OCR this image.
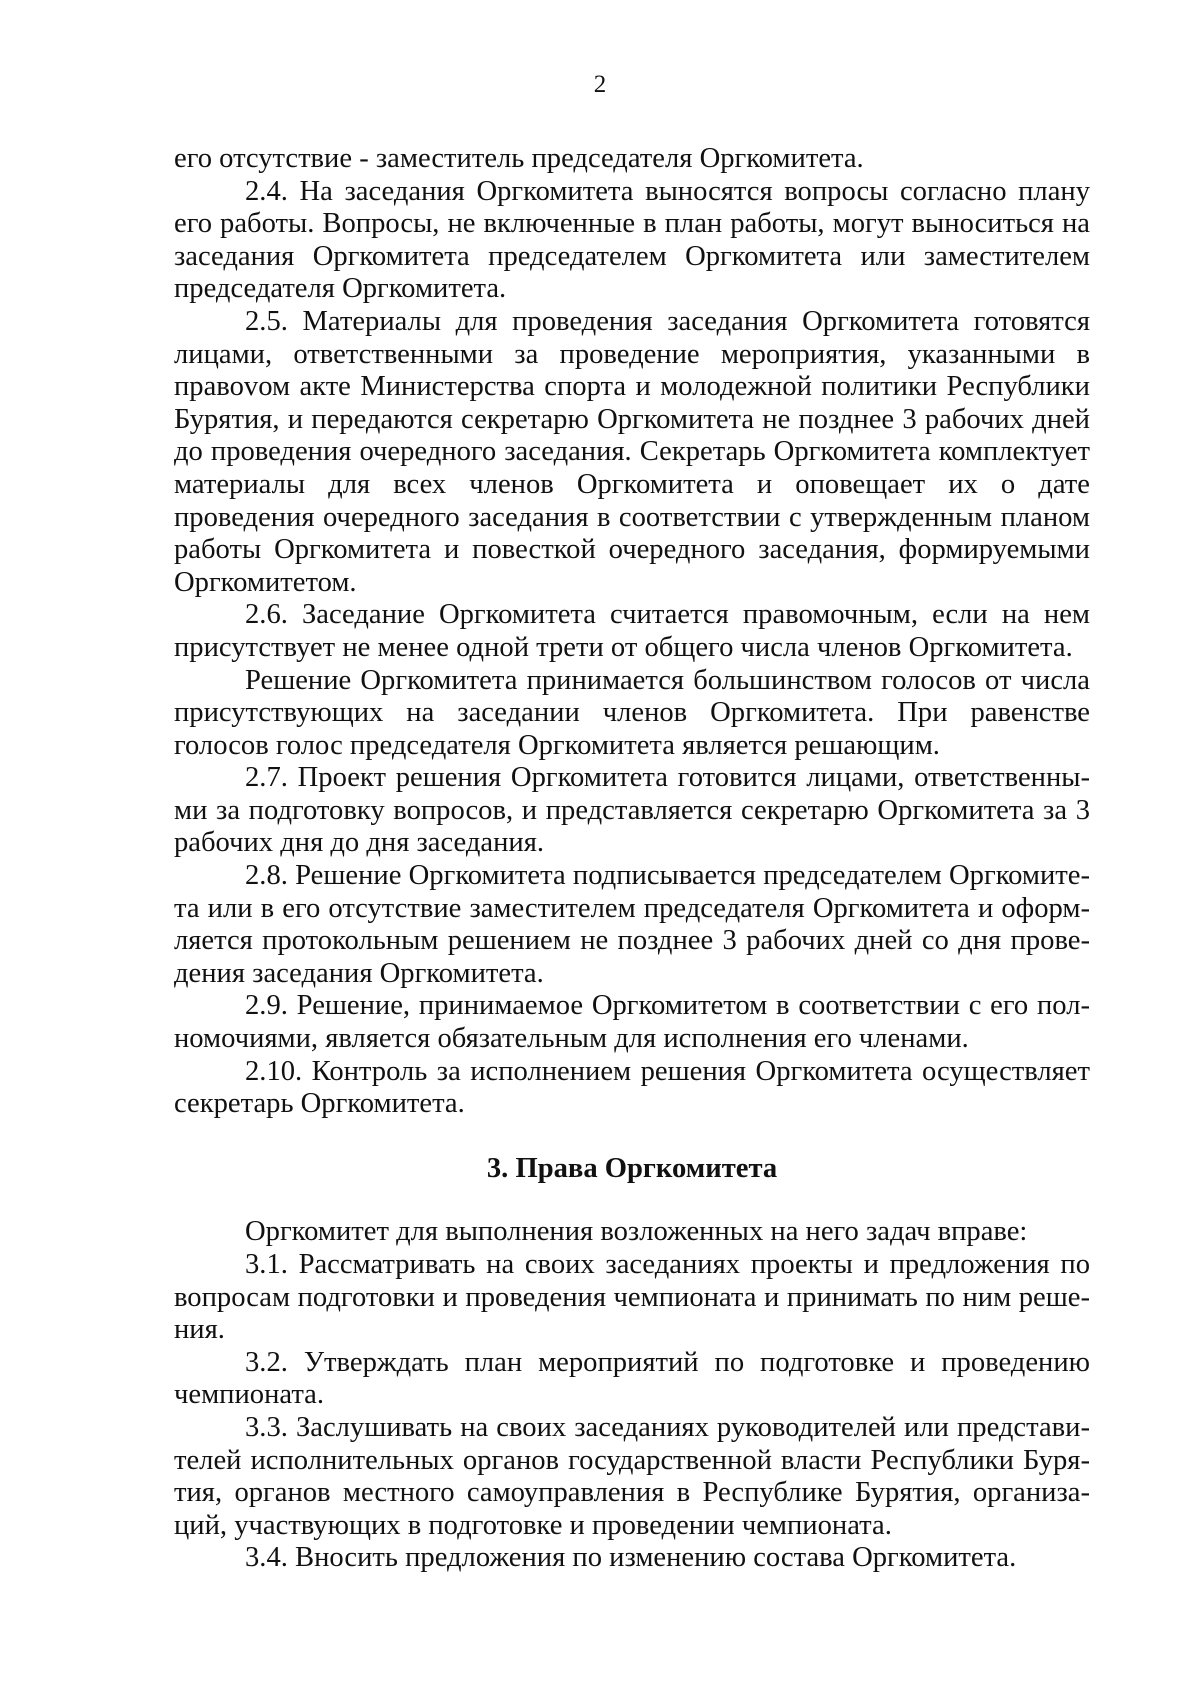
2

его отсутствие - заместитель председателя Оргкомитета.

2.4. На заседания Оргкомитета выносятся вопросы согласно плану его работы. Вопросы, не включенные в план работы, могут выноситься на заседания Оргкомитета председателем Оргкомитета или заместителем председателя Оргкомитета.

2.5. Материалы для проведения заседания Оргкомитета готовятся лицами, ответственными за проведение мероприятия, указанными в правоvом акте Министерства спорта и молодежной политики Республики Бурятия, и передаются секретарю Оргкомитета не позднее 3 рабочих дней до проведения очередного заседания. Секретарь Оргкомитета комплектует материалы для всех членов Оргкомитета и оповещает их о дате проведения очередного заседания в соответствии с утвержденным планом работы Оргкомитета и повесткой очередного заседания, формируемыми Оргкомитетом.

2.6. Заседание Оргкомитета считается правомочным, если на нем присутствует не менее одной трети от общего числа членов Оргкомитета.

Решение Оргкомитета принимается большинством голосов от числа присутствующих на заседании членов Оргкомитета. При равенстве голосов голос председателя Оргкомитета является решающим.

2.7. Проект решения Оргкомитета готовится лицами, ответственными за подготовку вопросов, и представляется секретарю Оргкомитета за 3 рабочих дня до дня заседания.

2.8. Решение Оргкомитета подписывается председателем Оргкомитета или в его отсутствие заместителем председателя Оргкомитета и оформляется протокольным решением не позднее 3 рабочих дней со дня проведения заседания Оргкомитета.

2.9. Решение, принимаемое Оргкомитетом в соответствии с его полномочиями, является обязательным для исполнения его членами.

2.10. Контроль за исполнением решения Оргкомитета осуществляет секретарь Оргкомитета.

3. Права Оргкомитета

Оргкомитет для выполнения возложенных на него задач вправе:

3.1. Рассматривать на своих заседаниях проекты и предложения по вопросам подготовки и проведения чемпионата и принимать по ним решения.

3.2. Утверждать план мероприятий по подготовке и проведению чемпионата.

3.3. Заслушивать на своих заседаниях руководителей или представителей исполнительных органов государственной власти Республики Бурятия, органов местного самоуправления в Республике Бурятия, организаций, участвующих в подготовке и проведении чемпионата.

3.4. Вносить предложения по изменению состава Оргкомитета.
